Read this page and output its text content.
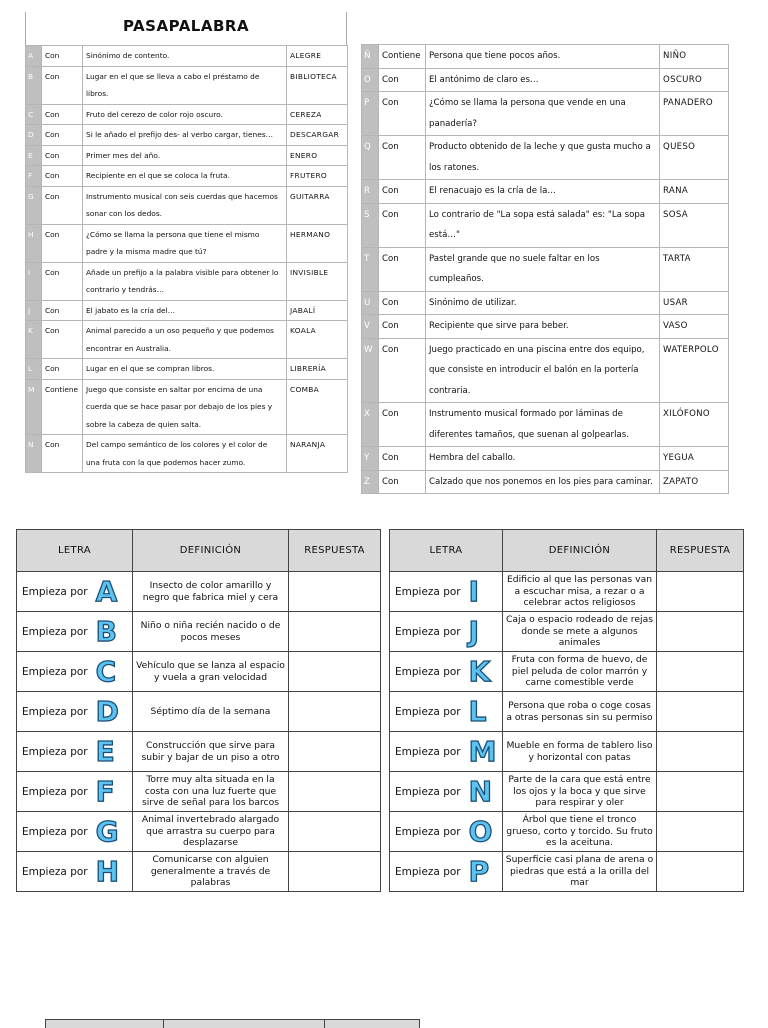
PASAPALABRA
A	Con	Sinónimo de contento.	ALEGRE
B	Con	Lugar en el que se lleva a cabo el préstamo de libros.	BIBLIOTECA
C	Con	Fruto del cerezo de color rojo oscuro.	CEREZA
D	Con	Si le añado el prefijo des- al verbo cargar, tienes…	DESCARGAR
E	Con	Primer mes del año.	ENERO
F	Con	Recipiente en el que se coloca la fruta.	FRUTERO
G	Con	Instrumento musical con seis cuerdas que hacemos sonar con los dedos.	GUITARRA
H	Con	¿Cómo se llama la persona que tiene el mismo padre y la misma madre que tú?	HERMANO
I	Con	Añade un prefijo a la palabra visible para obtener lo contrario y tendrás…	INVISIBLE
J	Con	El jabato es la cría del…	JABALÍ
K	Con	Animal parecido a un oso pequeño y que podemos encontrar en Australia.	KOALA
L	Con	Lugar en el que se compran libros.	LIBRERÍA
M	Contiene	Juego que consiste en saltar por encima de una cuerda que se hace pasar por debajo de los pies y sobre la cabeza de quien salta.	COMBA
N	Con	Del campo semántico de los colores y el color de una fruta con la que podemos hacer zumo.	NARANJA
Ñ	Contiene	Persona que tiene pocos años.	NIÑO
O	Con	El antónimo de claro es…	OSCURO
P	Con	¿Cómo se llama la persona que vende en una panadería?	PANADERO
Q	Con	Producto obtenido de la leche y que gusta mucho a los ratones.	QUESO
R	Con	El renacuajo es la cría de la…	RANA
S	Con	Lo contrario de "La sopa está salada" es: "La sopa está…"	SOSA
T	Con	Pastel grande que no suele faltar en los cumpleaños.	TARTA
U	Con	Sinónimo de utilizar.	USAR
V	Con	Recipiente que sirve para beber.	VASO
W	Con	Juego practicado en una piscina entre dos equipo, que consiste en introducir el balón en la portería contraria.	WATERPOLO
X	Con	Instrumento musical formado por láminas de diferentes tamaños, que suenan al golpearlas.	XILÓFONO
Y	Con	Hembra del caballo.	YEGUA
Z	Con	Calzado que nos ponemos en los pies para caminar.	ZAPATO
LETRA	DEFINICIÓN	RESPUESTA
Empieza por A	Insecto de color amarillo y negro que fabrica miel y cera	
Empieza por B	Niño o niña recién nacido o de pocos meses	
Empieza por C	Vehículo que se lanza al espacio y vuela a gran velocidad	
Empieza por D	Séptimo día de la semana	
Empieza por E	Construcción que sirve para subir y bajar de un piso a otro	
Empieza por F	Torre muy alta situada en la costa con una luz fuerte que sirve de señal para los barcos	
Empieza por G	Animal invertebrado alargado que arrastra su cuerpo para desplazarse	
Empieza por H	Comunicarse con alguien generalmente a través de palabras	
LETRA	DEFINICIÓN	RESPUESTA
Empieza por I	Edificio al que las personas van a escuchar misa, a rezar o a celebrar actos religiosos	
Empieza por J	Caja o espacio rodeado de rejas donde se mete a algunos animales	
Empieza por K	Fruta con forma de huevo, de piel peluda de color marrón y carne comestible verde	
Empieza por L	Persona que roba o coge cosas a otras personas sin su permiso	
Empieza por M	Mueble en forma de tablero liso y horizontal con patas	
Empieza por N	Parte de la cara que está entre los ojos y la boca y que sirve para respirar y oler	
Empieza por O	Árbol que tiene el tronco grueso, corto y torcido. Su fruto es la aceituna.	
Empieza por P	Superficie casi plana de arena o piedras que está a la orilla del mar	
